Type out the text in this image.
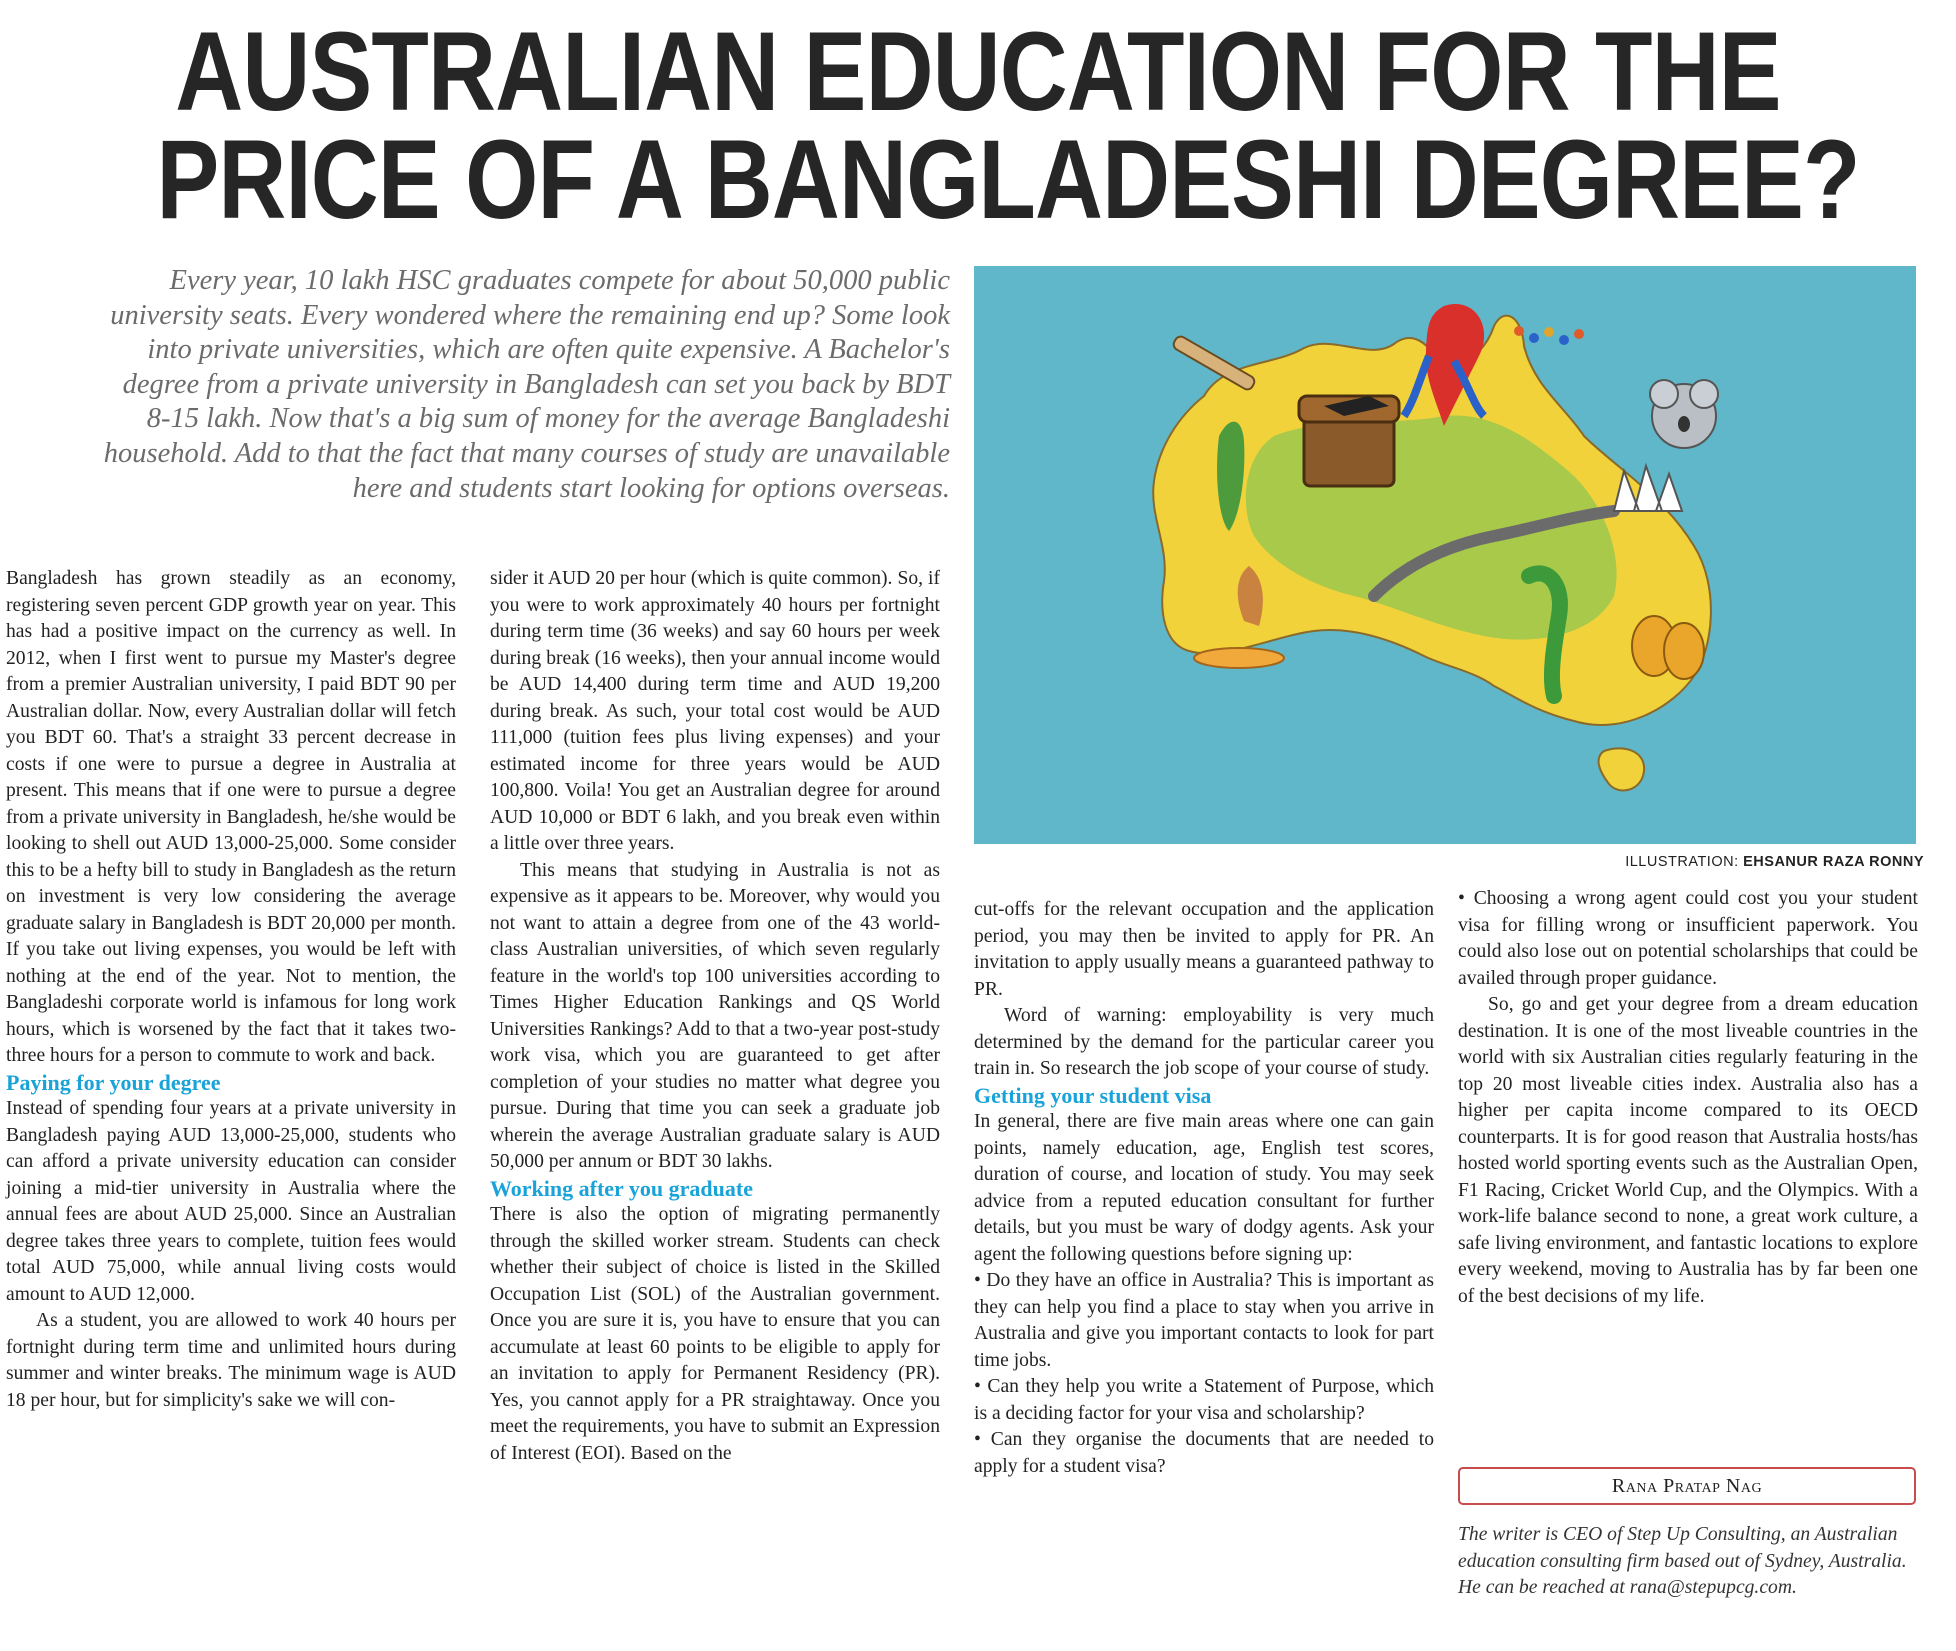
AUSTRALIAN EDUCATION FOR THE
PRICE OF A BANGLADESHI DEGREE?

Every year, 10 lakh HSC graduates compete for about 50,000 public university seats. Every wondered where the remaining end up? Some look into private universities, which are often quite expensive. A Bachelor's degree from a private university in Bangladesh can set you back by BDT 8-15 lakh. Now that's a big sum of money for the average Bangladeshi household. Add to that the fact that many courses of study are unavailable here and students start looking for options overseas.

ILLUSTRATION: EHSANUR RAZA RONNY

Bangladesh has grown steadily as an economy, registering seven percent GDP growth year on year. This has had a positive impact on the currency as well. In 2012, when I first went to pursue my Master's degree from a premier Australian university, I paid BDT 90 per Australian dollar. Now, every Australian dollar will fetch you BDT 60. That's a straight 33 percent decrease in costs if one were to pursue a degree in Australia at present. This means that if one were to pursue a degree from a private university in Bangladesh, he/she would be looking to shell out AUD 13,000-25,000. Some consider this to be a hefty bill to study in Bangladesh as the return on investment is very low considering the average graduate salary in Bangladesh is BDT 20,000 per month. If you take out living expenses, you would be left with nothing at the end of the year. Not to mention, the Bangladeshi corporate world is infamous for long work hours, which is worsened by the fact that it takes two-three hours for a person to commute to work and back.

Paying for your degree

Instead of spending four years at a private university in Bangladesh paying AUD 13,000-25,000, students who can afford a private university education can consider joining a mid-tier university in Australia where the annual fees are about AUD 25,000. Since an Australian degree takes three years to complete, tuition fees would total AUD 75,000, while annual living costs would amount to AUD 12,000.

As a student, you are allowed to work 40 hours per fortnight during term time and unlimited hours during summer and winter breaks. The minimum wage is AUD 18 per hour, but for simplicity's sake we will con-

sider it AUD 20 per hour (which is quite common). So, if you were to work approximately 40 hours per fortnight during term time (36 weeks) and say 60 hours per week during break (16 weeks), then your annual income would be AUD 14,400 during term time and AUD 19,200 during break. As such, your total cost would be AUD 111,000 (tuition fees plus living expenses) and your estimated income for three years would be AUD 100,800. Voila! You get an Australian degree for around AUD 10,000 or BDT 6 lakh, and you break even within a little over three years.

This means that studying in Australia is not as expensive as it appears to be. Moreover, why would you not want to attain a degree from one of the 43 world-class Australian universities, of which seven regularly feature in the world's top 100 universities according to Times Higher Education Rankings and QS World Universities Rankings? Add to that a two-year post-study work visa, which you are guaranteed to get after completion of your studies no matter what degree you pursue. During that time you can seek a graduate job wherein the average Australian graduate salary is AUD 50,000 per annum or BDT 30 lakhs.

Working after you graduate

There is also the option of migrating permanently through the skilled worker stream. Students can check whether their subject of choice is listed in the Skilled Occupation List (SOL) of the Australian government. Once you are sure it is, you have to ensure that you can accumulate at least 60 points to be eligible to apply for an invitation to apply for Permanent Residency (PR). Yes, you cannot apply for a PR straightaway. Once you meet the requirements, you have to submit an Expression of Interest (EOI). Based on the

cut-offs for the relevant occupation and the application period, you may then be invited to apply for PR. An invitation to apply usually means a guaranteed pathway to PR.

Word of warning: employability is very much determined by the demand for the particular career you train in. So research the job scope of your course of study.

Getting your student visa

In general, there are five main areas where one can gain points, namely education, age, English test scores, duration of course, and location of study. You may seek advice from a reputed education consultant for further details, but you must be wary of dodgy agents. Ask your agent the following questions before signing up:

• Do they have an office in Australia? This is important as they can help you find a place to stay when you arrive in Australia and give you important contacts to look for part time jobs.

• Can they help you write a Statement of Purpose, which is a deciding factor for your visa and scholarship?

• Can they organise the documents that are needed to apply for a student visa?

• Choosing a wrong agent could cost you your student visa for filling wrong or insufficient paperwork. You could also lose out on potential scholarships that could be availed through proper guidance.

So, go and get your degree from a dream education destination. It is one of the most liveable countries in the world with six Australian cities regularly featuring in the top 20 most liveable cities index. Australia also has a higher per capita income compared to its OECD counterparts. It is for good reason that Australia hosts/has hosted world sporting events such as the Australian Open, F1 Racing, Cricket World Cup, and the Olympics. With a work-life balance second to none, a great work culture, a safe living environment, and fantastic locations to explore every weekend, moving to Australia has by far been one of the best decisions of my life.

Rana Pratap Nag

The writer is CEO of Step Up Consulting, an Australian education consulting firm based out of Sydney, Australia. He can be reached at rana@stepupcg.com.
